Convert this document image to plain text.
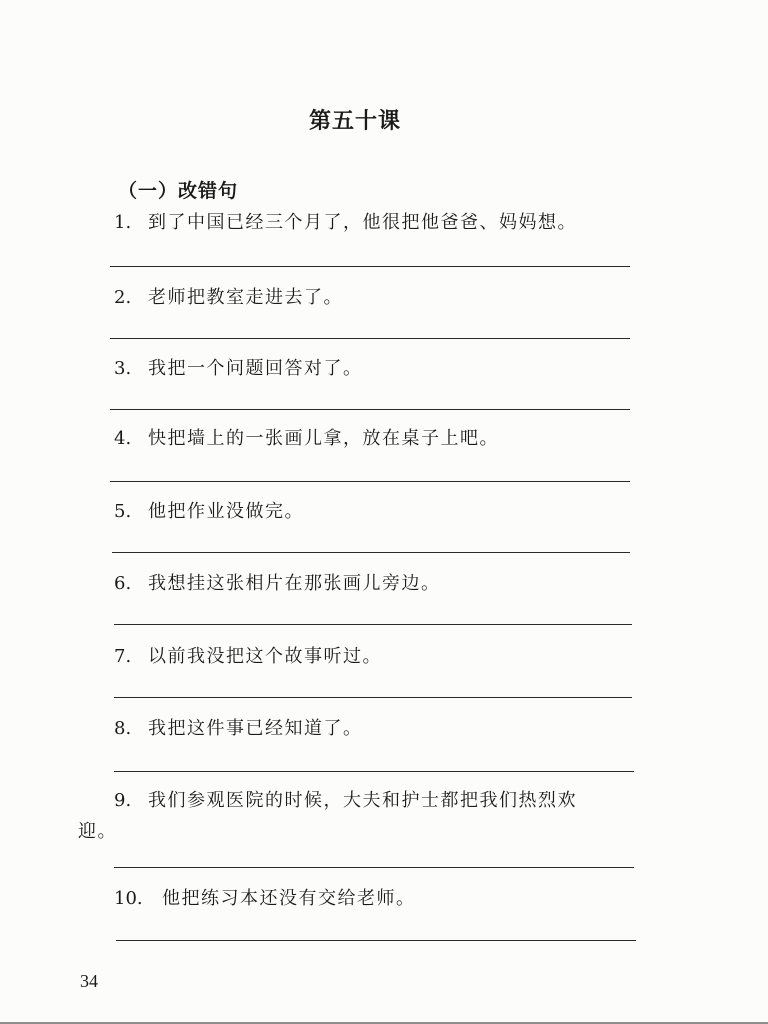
第五十课
（一）改错句
1. 到了中国已经三个月了，他很把他爸爸、妈妈想。
2. 老师把教室走进去了。
3. 我把一个问题回答对了。
4. 快把墙上的一张画儿拿，放在桌子上吧。
5. 他把作业没做完。
6. 我想挂这张相片在那张画儿旁边。
7. 以前我没把这个故事听过。
8. 我把这件事已经知道了。
9. 我们参观医院的时候，大夫和护士都把我们热烈欢
迎。
10. 他把练习本还没有交给老师。
34
